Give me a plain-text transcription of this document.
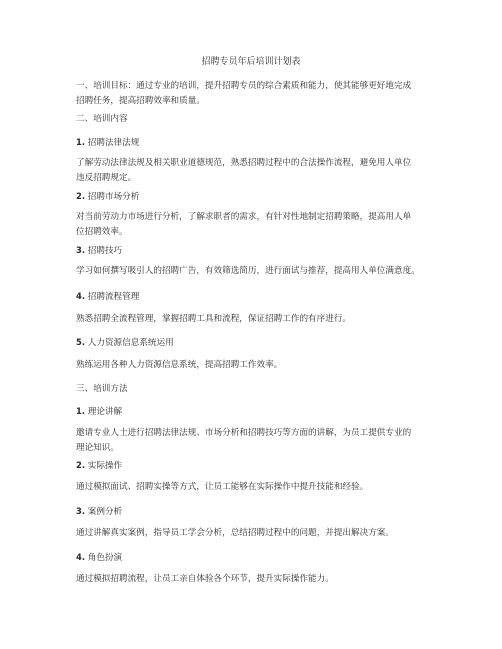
招聘专员年后培训计划表
一、培训目标：通过专业的培训，提升招聘专员的综合素质和能力，使其能够更好地完成
招聘任务，提高招聘效率和质量。
二、培训内容
1. 招聘法律法规
了解劳动法律法规及相关职业道德规范，熟悉招聘过程中的合法操作流程，避免用人单位
违反招聘规定。
2. 招聘市场分析
对当前劳动力市场进行分析，了解求职者的需求，有针对性地制定招聘策略，提高用人单
位招聘效率。
3. 招聘技巧
学习如何撰写吸引人的招聘广告，有效筛选简历，进行面试与推荐，提高用人单位满意度。
4. 招聘流程管理
熟悉招聘全流程管理，掌握招聘工具和流程，保证招聘工作的有序进行。
5. 人力资源信息系统运用
熟练运用各种人力资源信息系统，提高招聘工作效率。
三、培训方法
1. 理论讲解
邀请专业人士进行招聘法律法规、市场分析和招聘技巧等方面的讲解，为员工提供专业的
理论知识。
2. 实际操作
通过模拟面试、招聘实操等方式，让员工能够在实际操作中提升技能和经验。
3. 案例分析
通过讲解真实案例，指导员工学会分析，总结招聘过程中的问题，并提出解决方案。
4. 角色扮演
通过模拟招聘流程，让员工亲自体验各个环节，提升实际操作能力。
